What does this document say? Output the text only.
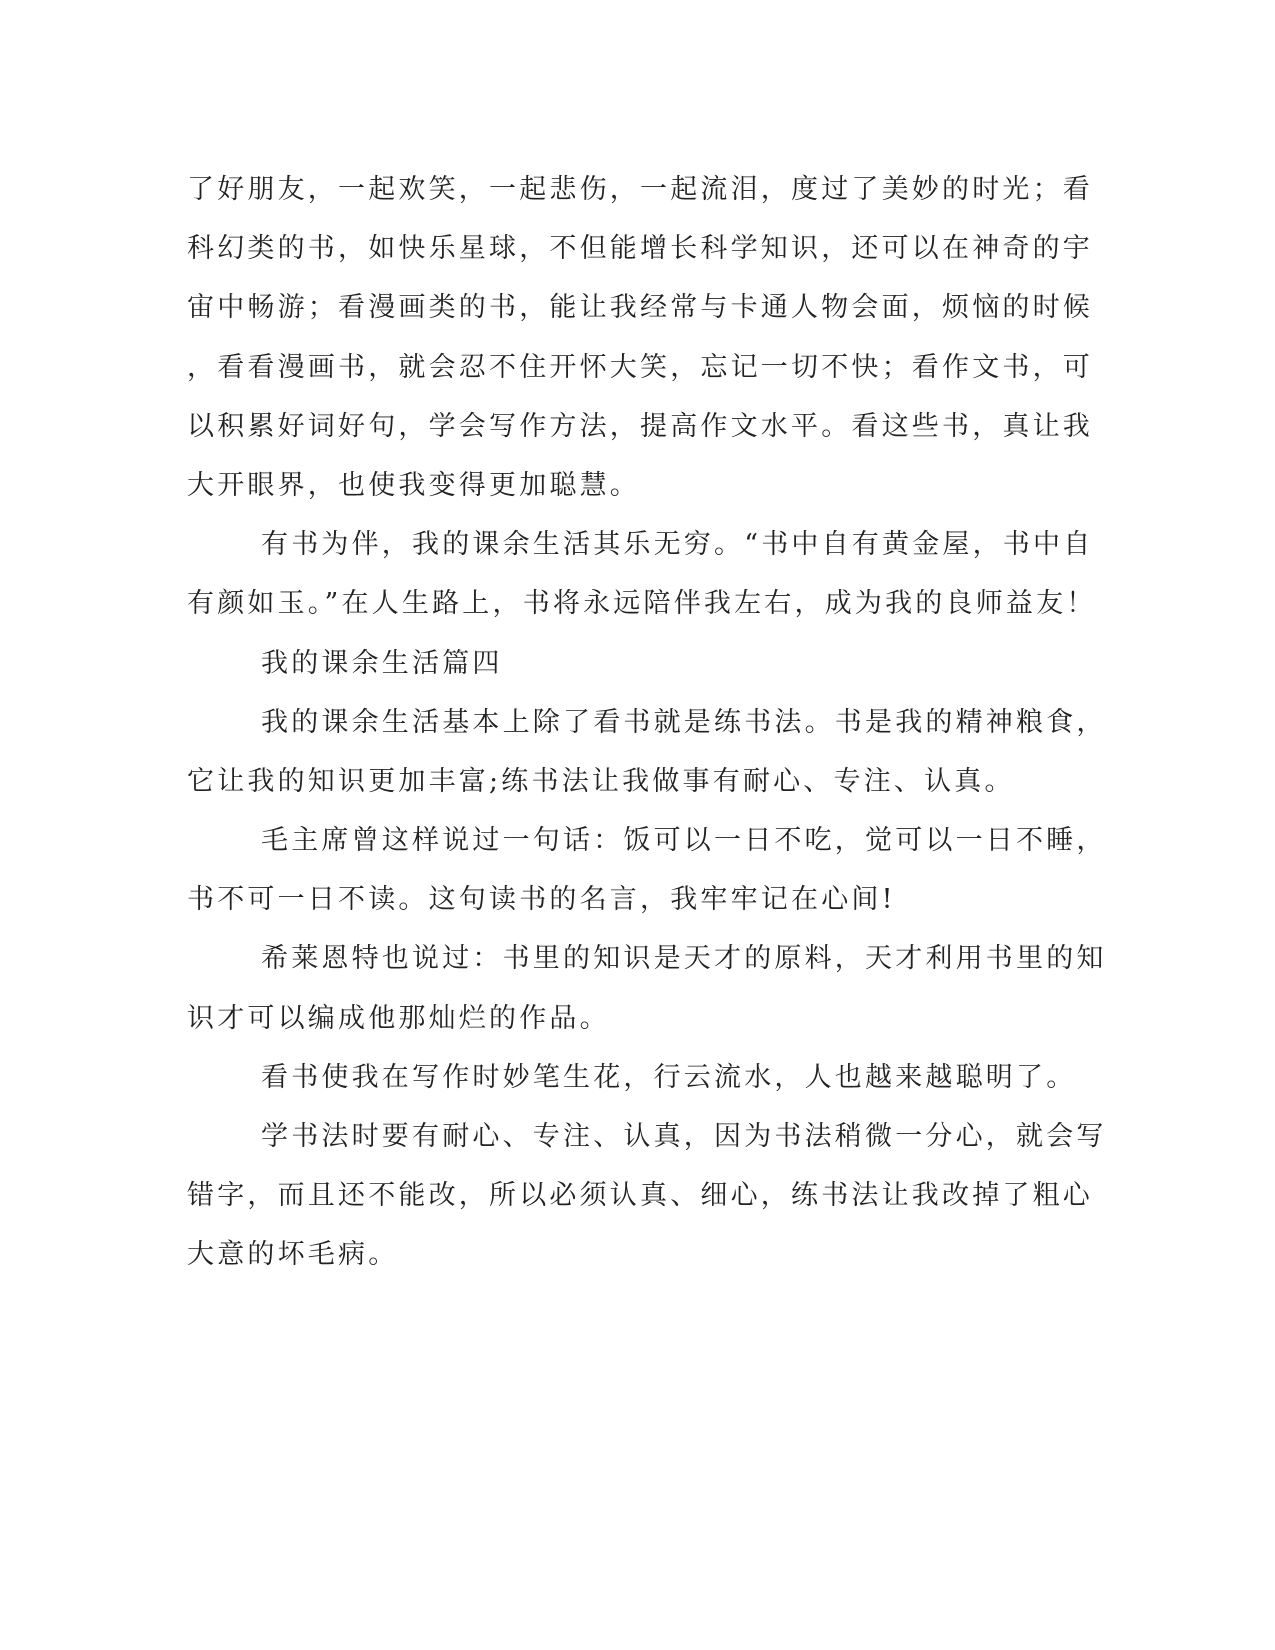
了好朋友，一起欢笑，一起悲伤，一起流泪，度过了美妙的时光；看
科幻类的书，如快乐星球，不但能增长科学知识，还可以在神奇的宇
宙中畅游；看漫画类的书，能让我经常与卡通人物会面，烦恼的时候
，看看漫画书，就会忍不住开怀大笑，忘记一切不快；看作文书，可
以积累好词好句，学会写作方法，提高作文水平。看这些书，真让我
大开眼界，也使我变得更加聪慧。
有书为伴，我的课余生活其乐无穷。“书中自有黄金屋，书中自
有颜如玉。”在人生路上，书将永远陪伴我左右，成为我的良师益友！
我的课余生活篇四
我的课余生活基本上除了看书就是练书法。书是我的精神粮食，
它让我的知识更加丰富;练书法让我做事有耐心、专注、认真。
毛主席曾这样说过一句话：饭可以一日不吃，觉可以一日不睡，
书不可一日不读。这句读书的名言，我牢牢记在心间!
希莱恩特也说过：书里的知识是天才的原料，天才利用书里的知
识才可以编成他那灿烂的作品。
看书使我在写作时妙笔生花，行云流水，人也越来越聪明了。
学书法时要有耐心、专注、认真，因为书法稍微一分心，就会写
错字，而且还不能改，所以必须认真、细心，练书法让我改掉了粗心
大意的坏毛病。
